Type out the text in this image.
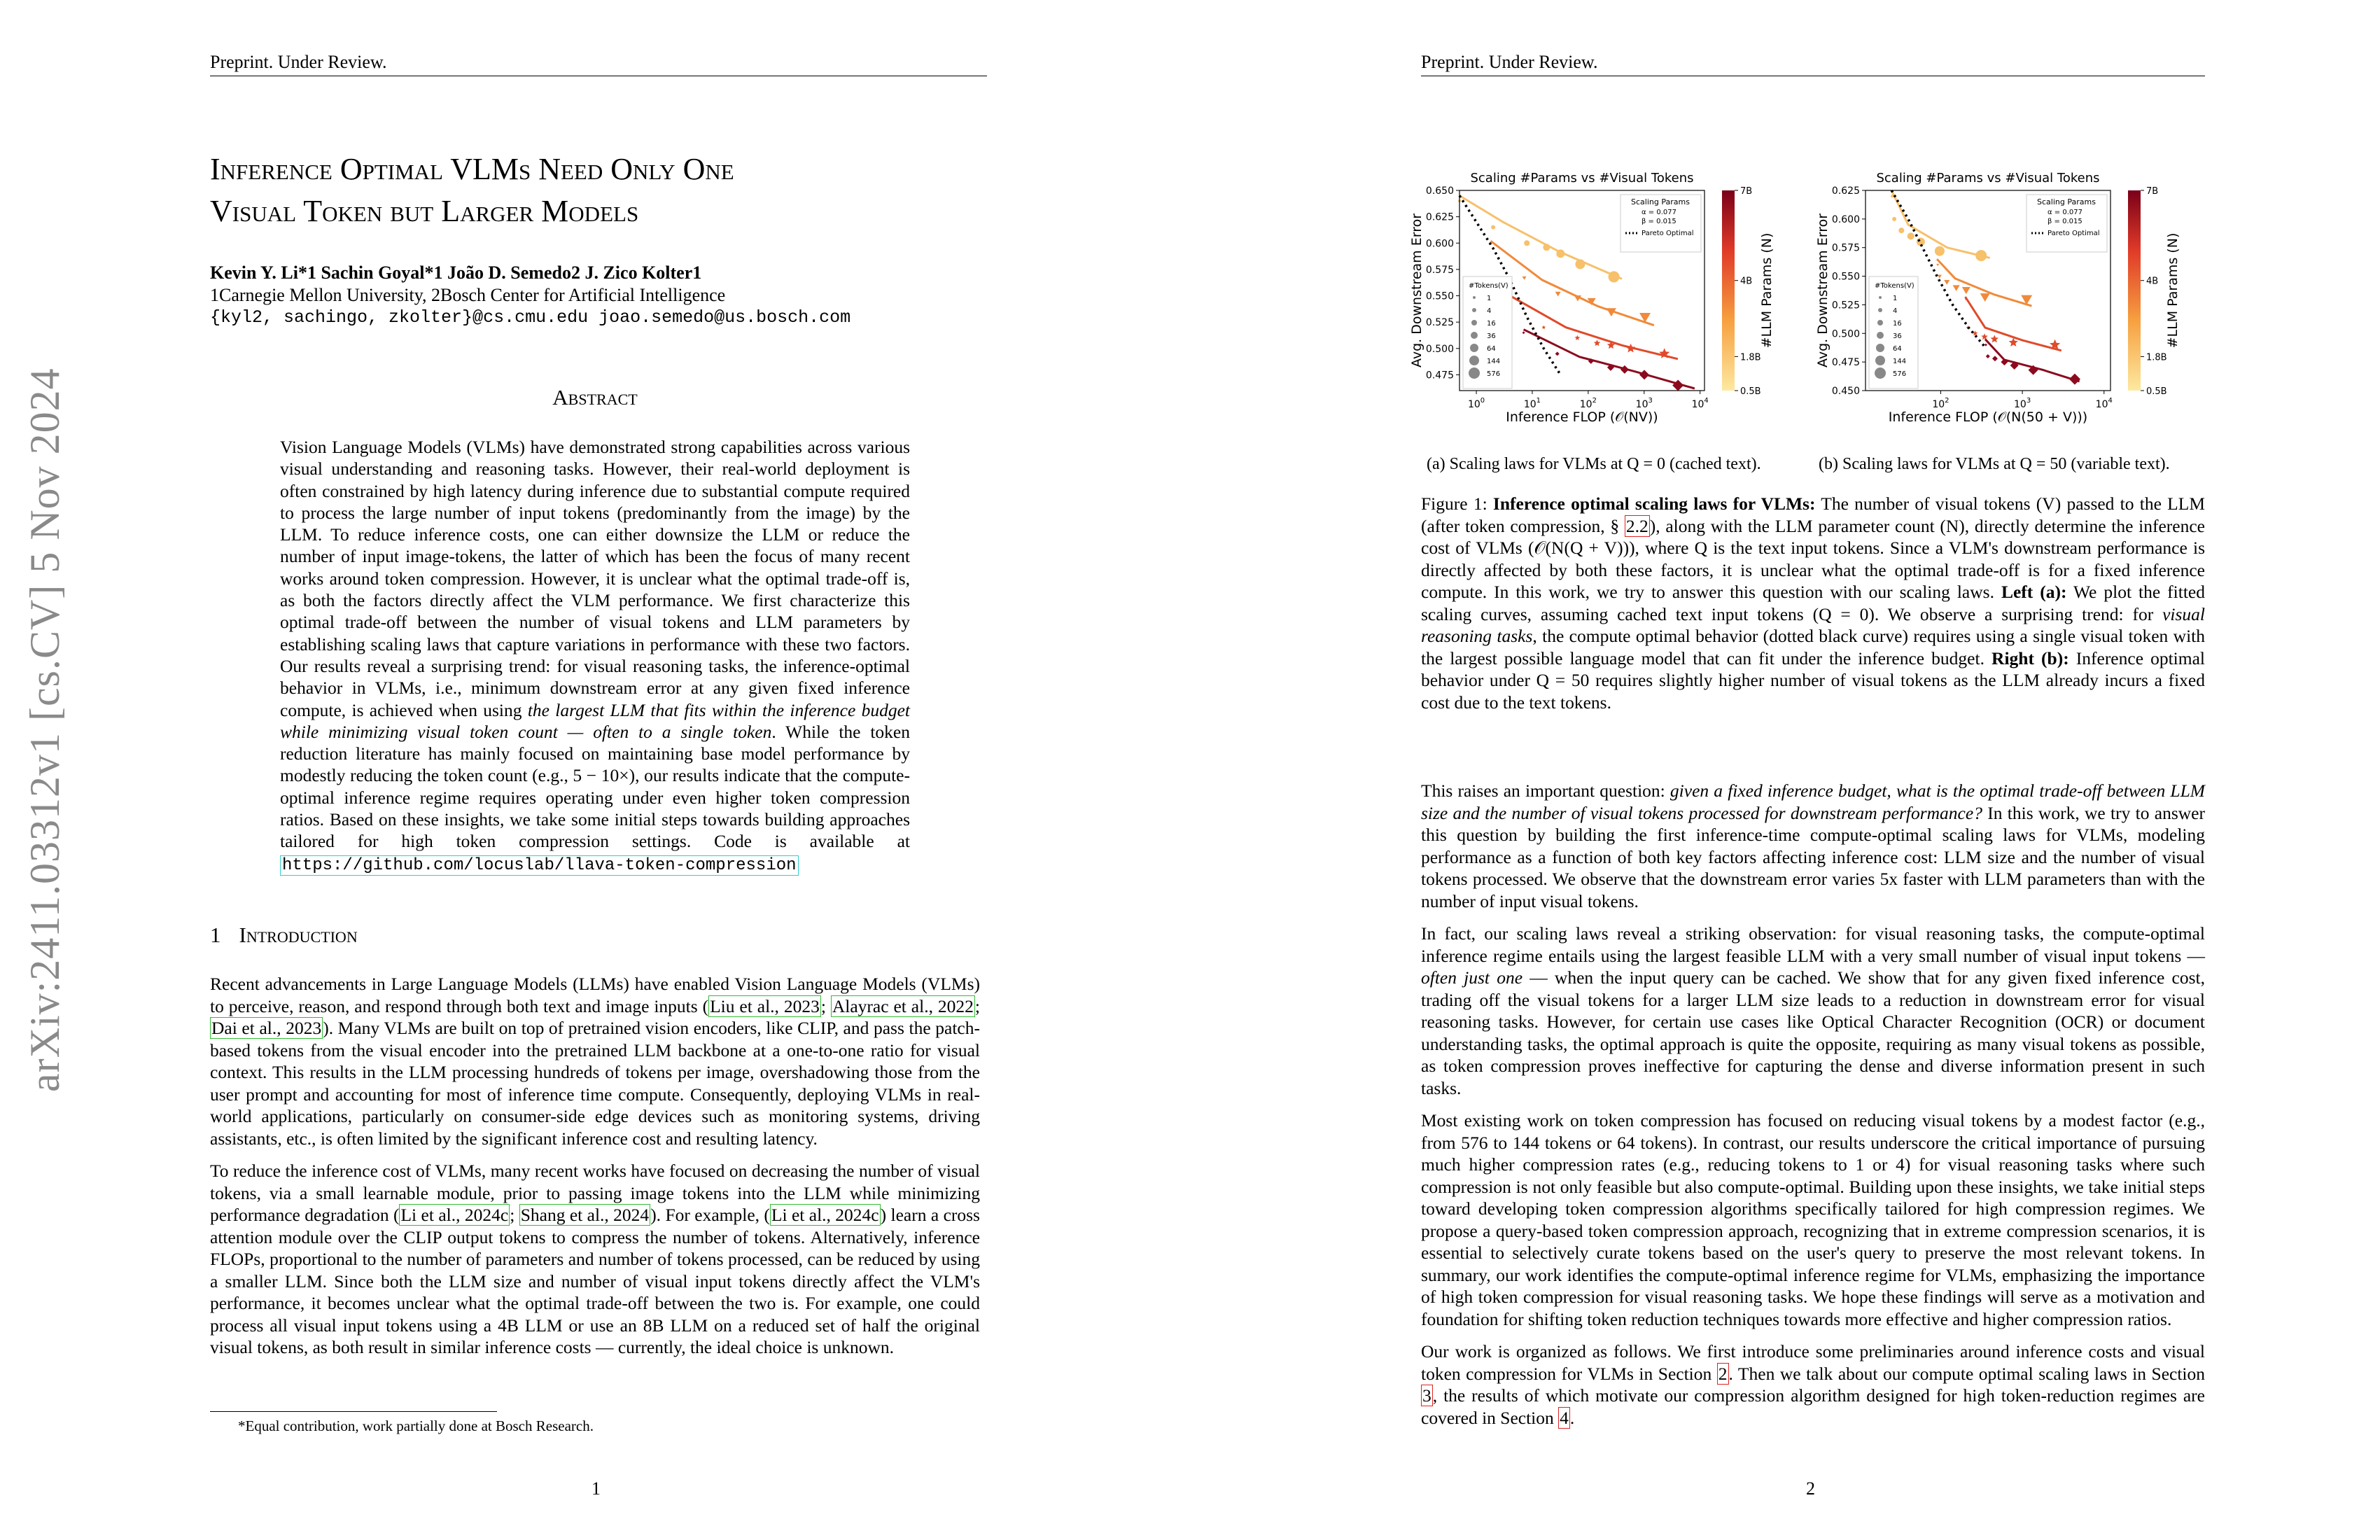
Preprint. Under Review.
arXiv:2411.03312v1 [cs.CV] 5 Nov 2024
Inference Optimal VLMs Need Only One
Visual Token but Larger Models
Kevin Y. Li*1 Sachin Goyal*1 João D. Semedo2 J. Zico Kolter1
1Carnegie Mellon University, 2Bosch Center for Artificial Intelligence
{kyl2, sachingo, zkolter}@cs.cmu.edu joao.semedo@us.bosch.com
Abstract
Vision Language Models (VLMs) have demonstrated strong capabilities across various visual understanding and reasoning tasks. However, their real-world deployment is often constrained by high latency during inference due to substantial compute required to process the large number of input tokens (predominantly from the image) by the LLM. To reduce inference costs, one can either downsize the LLM or reduce the number of input image-tokens, the latter of which has been the focus of many recent works around token compression. However, it is unclear what the optimal trade-off is, as both the factors directly affect the VLM performance. We first characterize this optimal trade-off between the number of visual tokens and LLM parameters by establishing scaling laws that capture variations in performance with these two factors. Our results reveal a surprising trend: for visual reasoning tasks, the inference-optimal behavior in VLMs, i.e., minimum downstream error at any given fixed inference compute, is achieved when using the largest LLM that fits within the inference budget while minimizing visual token count — often to a single token. While the token reduction literature has mainly focused on maintaining base model performance by modestly reducing the token count (e.g., 5 − 10×), our results indicate that the compute-optimal inference regime requires operating under even higher token compression ratios. Based on these insights, we take some initial steps towards building approaches tailored for high token compression settings. Code is available at https://github.com/locuslab/llava-token-compression
1 Introduction

Recent advancements in Large Language Models (LLMs) have enabled Vision Language Models (VLMs) to perceive, reason, and respond through both text and image inputs (Liu et al., 2023; Alayrac et al., 2022; Dai et al., 2023). Many VLMs are built on top of pretrained vision encoders, like CLIP, and pass the patch-based tokens from the visual encoder into the pretrained LLM backbone at a one-to-one ratio for visual context. This results in the LLM processing hundreds of tokens per image, overshadowing those from the user prompt and accounting for most of inference time compute. Consequently, deploying VLMs in real-world applications, particularly on consumer-side edge devices such as monitoring systems, driving assistants, etc., is often limited by the significant inference cost and resulting latency.

To reduce the inference cost of VLMs, many recent works have focused on decreasing the number of visual tokens, via a small learnable module, prior to passing image tokens into the LLM while minimizing performance degradation (Li et al., 2024c; Shang et al., 2024). For example, (Li et al., 2024c) learn a cross attention module over the CLIP output tokens to compress the number of tokens. Alternatively, inference FLOPs, proportional to the number of parameters and number of tokens processed, can be reduced by using a smaller LLM. Since both the LLM size and number of visual input tokens directly affect the VLM's performance, it becomes unclear what the optimal trade-off between the two is. For example, one could process all visual input tokens using a 4B LLM or use an 8B LLM on a reduced set of half the original visual tokens, as both result in similar inference costs — currently, the ideal choice is unknown.

*Equal contribution, work partially done at Bosch Research.
1
Preprint. Under Review.
2
Scaling #Params vs #Visual Tokens
0.475
0.500
0.525
0.550
0.575
0.600
0.625
0.650
$10^0$	$10^1$	$10^2$	$10^3$	$10^4$
Inference FLOP (𝒪(NV))
Avg. Downstream Error
Scaling Params
α = 0.077
β = 0.015
Pareto Optimal
#Tokens(V)
1
4
16
36
64
144
576
#LLM Params (N)
7B
4B
1.8B
0.5B
Scaling #Params vs #Visual Tokens
0.450
0.475
0.500
0.525
0.550
0.575
0.600
0.625
$10^2$	$10^3$	$10^4$
Inference FLOP (𝒪(N(50 + V)))
Avg. Downstream Error
Scaling Params
α = 0.077
β = 0.015
Pareto Optimal
#Tokens(V)
1
4
16
36
64
144
576
#LLM Params (N)
7B
4B
1.8B
0.5B
(a) Scaling laws for VLMs at Q = 0 (cached text).	(b) Scaling laws for VLMs at Q = 50 (variable text).
Figure 1: Inference optimal scaling laws for VLMs: The number of visual tokens (V) passed to the LLM (after token compression, § 2.2), along with the LLM parameter count (N), directly determine the inference cost of VLMs (𝒪(N(Q + V))), where Q is the text input tokens. Since a VLM's downstream performance is directly affected by both these factors, it is unclear what the optimal trade-off is for a fixed inference compute. In this work, we try to answer this question with our scaling laws. Left (a): We plot the fitted scaling curves, assuming cached text input tokens (Q = 0). We observe a surprising trend: for visual reasoning tasks, the compute optimal behavior (dotted black curve) requires using a single visual token with the largest possible language model that can fit under the inference budget. Right (b): Inference optimal behavior under Q = 50 requires slightly higher number of visual tokens as the LLM already incurs a fixed cost due to the text tokens.

This raises an important question: given a fixed inference budget, what is the optimal trade-off between LLM size and the number of visual tokens processed for downstream performance? In this work, we try to answer this question by building the first inference-time compute-optimal scaling laws for VLMs, modeling performance as a function of both key factors affecting inference cost: LLM size and the number of visual tokens processed. We observe that the downstream error varies 5x faster with LLM parameters than with the number of input visual tokens.

In fact, our scaling laws reveal a striking observation: for visual reasoning tasks, the compute-optimal inference regime entails using the largest feasible LLM with a very small number of visual input tokens — often just one — when the input query can be cached. We show that for any given fixed inference cost, trading off the visual tokens for a larger LLM size leads to a reduction in downstream error for visual reasoning tasks. However, for certain use cases like Optical Character Recognition (OCR) or document understanding tasks, the optimal approach is quite the opposite, requiring as many visual tokens as possible, as token compression proves ineffective for capturing the dense and diverse information present in such tasks.

Most existing work on token compression has focused on reducing visual tokens by a modest factor (e.g., from 576 to 144 tokens or 64 tokens). In contrast, our results underscore the critical importance of pursuing much higher compression rates (e.g., reducing tokens to 1 or 4) for visual reasoning tasks where such compression is not only feasible but also compute-optimal. Building upon these insights, we take initial steps toward developing token compression algorithms specifically tailored for high compression regimes. We propose a query-based token compression approach, recognizing that in extreme compression scenarios, it is essential to selectively curate tokens based on the user's query to preserve the most relevant tokens. In summary, our work identifies the compute-optimal inference regime for VLMs, emphasizing the importance of high token compression for visual reasoning tasks. We hope these findings will serve as a motivation and foundation for shifting token reduction techniques towards more effective and higher compression ratios.

Our work is organized as follows. We first introduce some preliminaries around inference costs and visual token compression for VLMs in Section 2. Then we talk about our compute optimal scaling laws in Section 3, the results of which motivate our compression algorithm designed for high token-reduction regimes are covered in Section 4.
